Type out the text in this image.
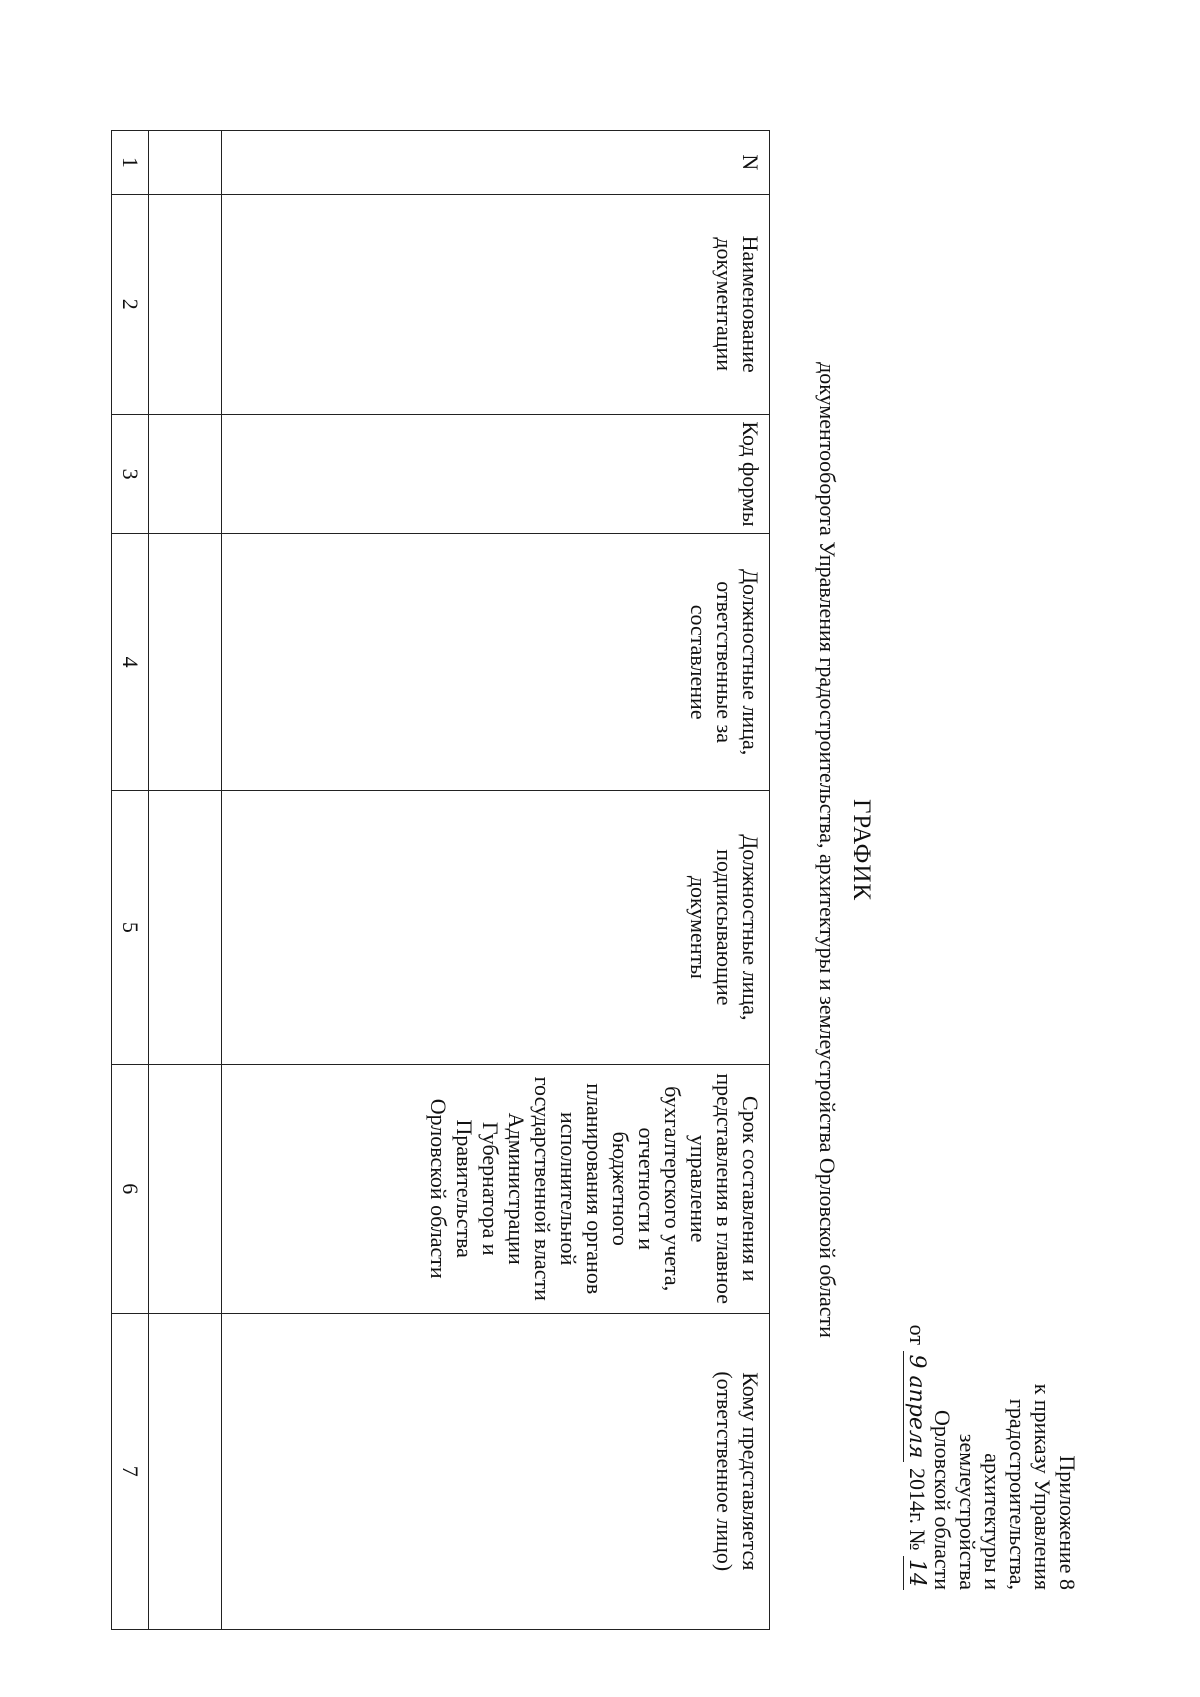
Приложение 8
к приказу Управления
градостроительства,
архитектуры и землеустройства
Орловской области
от 9 апреля 2014г. № 14
ГРАФИК
документооборота Управления градостроительства, архитектуры и землеустройства Орловской области
N	Наименование документации	Код формы	Должностные лица, ответственные за составление	Должностные лица, подписывающие документы	Срок составления и представления в главное управление бухгалтерского учета, отчетности и бюджетного планирования органов исполнительной государственной власти Администрации Губернатора и Правительства Орловской области	Кому представляется (ответственное лицо)

1	2	3	4	5	6	7
